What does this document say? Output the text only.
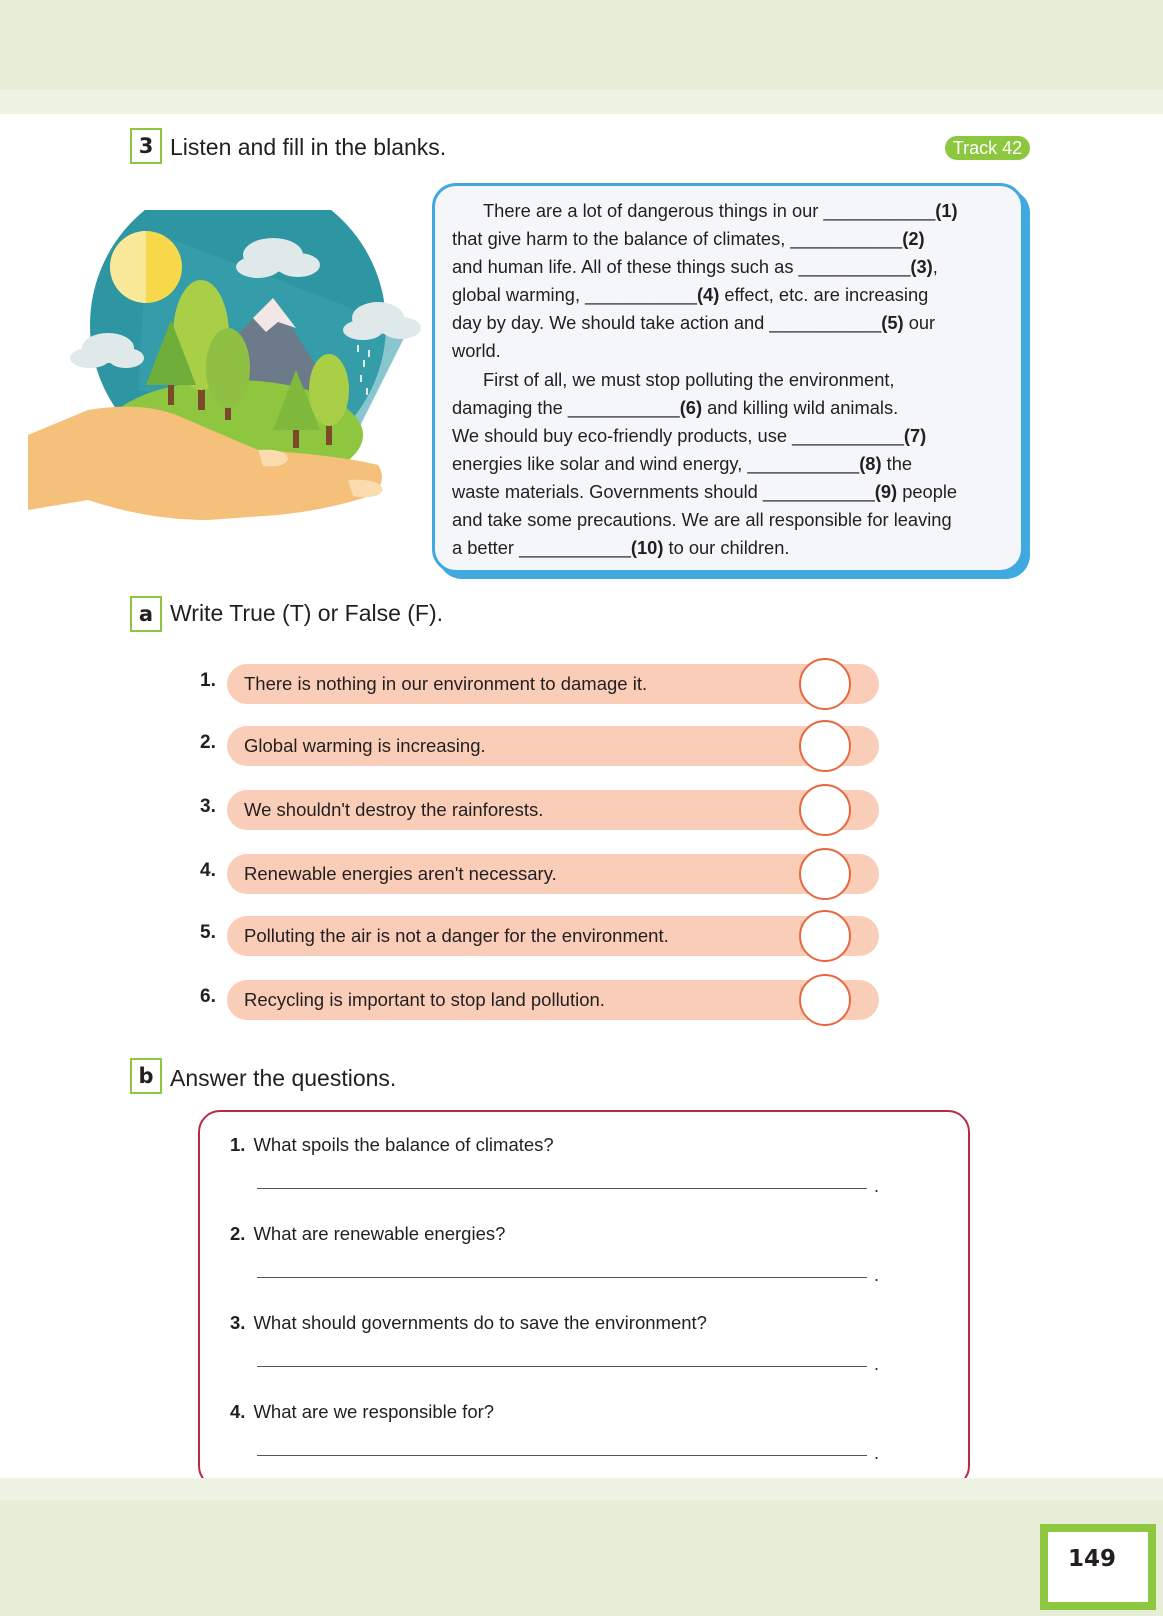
3 Listen and fill in the blanks.	Track 42

There are a lot of dangerous things in our ___________(1)
that give harm to the balance of climates, ___________(2)
and human life. All of these things such as ___________(3),
global warming, ___________(4) effect, etc. are increasing
day by day. We should take action and ___________(5) our
world.
First of all, we must stop polluting the environment,
damaging the ___________(6) and killing wild animals.
We should buy eco-friendly products, use ___________(7)
energies like solar and wind energy, ___________(8) the
waste materials. Governments should ___________(9) people
and take some precautions. We are all responsible for leaving
a better ___________(10) to our children.

a Write True (T) or False (F).
1.	There is nothing in our environment to damage it.
2.	Global warming is increasing.
3.	We shouldn't destroy the rainforests.
4.	Renewable energies aren't necessary.
5.	Polluting the air is not a danger for the environment.
6.	Recycling is important to stop land pollution.
b Answer the questions.
1. What spoils the balance of climates?
.
2. What are renewable energies?
.
3. What should governments do to save the environment?
.
4. What are we responsible for?
.
149
